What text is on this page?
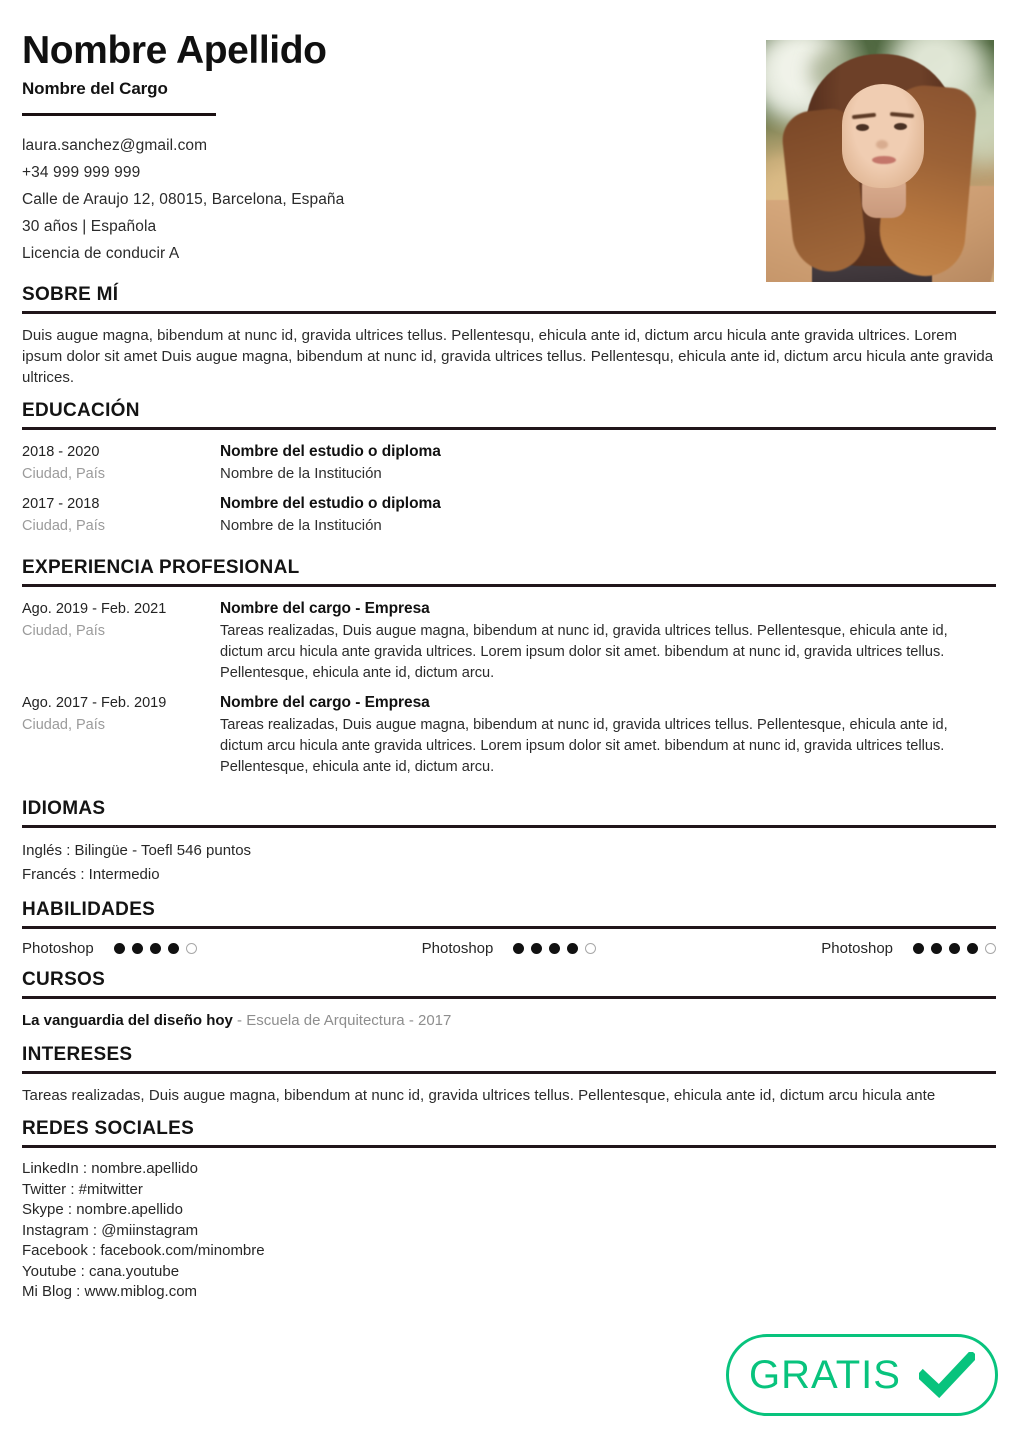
Nombre Apellido
Nombre del Cargo
laura.sanchez@gmail.com
+34 999 999 999
Calle de Araujo 12, 08015, Barcelona, España
30 años | Española
Licencia de conducir A
SOBRE MÍ
Duis augue magna, bibendum at nunc id, gravida ultrices tellus. Pellentesqu, ehicula ante id, dictum arcu hicula ante gravida ultrices. Lorem ipsum dolor sit amet Duis augue magna, bibendum at nunc id, gravida ultrices tellus. Pellentesqu, ehicula ante id, dictum arcu hicula ante gravida ultrices.
EDUCACIÓN
2018 - 2020
Ciudad, País
Nombre del estudio o diploma
Nombre de la Institución
2017 - 2018
Ciudad, País
Nombre del estudio o diploma
Nombre de la Institución
EXPERIENCIA PROFESIONAL
Ago. 2019 - Feb. 2021
Ciudad, País
Nombre del cargo - Empresa
Tareas realizadas, Duis augue magna, bibendum at nunc id, gravida ultrices tellus. Pellentesque, ehicula ante id, dictum arcu hicula ante gravida ultrices. Lorem ipsum dolor sit amet. bibendum at nunc id, gravida ultrices tellus. Pellentesque, ehicula ante id, dictum arcu.
Ago. 2017 - Feb. 2019
Ciudad, País
Nombre del cargo - Empresa
Tareas realizadas, Duis augue magna, bibendum at nunc id, gravida ultrices tellus. Pellentesque, ehicula ante id, dictum arcu hicula ante gravida ultrices. Lorem ipsum dolor sit amet. bibendum at nunc id, gravida ultrices tellus. Pellentesque, ehicula ante id, dictum arcu.
IDIOMAS
Inglés : Bilingüe - Toefl 546 puntos
Francés : Intermedio
HABILIDADES
Photoshop	Photoshop	Photoshop
CURSOS
La vanguardia del diseño hoy - Escuela de Arquitectura - 2017
INTERESES
Tareas realizadas, Duis augue magna, bibendum at nunc id, gravida ultrices tellus. Pellentesque, ehicula ante id, dictum arcu hicula ante
REDES SOCIALES
LinkedIn : nombre.apellido
Twitter : #mitwitter
Skype : nombre.apellido
Instagram : @miinstagram
Facebook : facebook.com/minombre
Youtube : cana.youtube
Mi Blog : www.miblog.com
GRATIS
